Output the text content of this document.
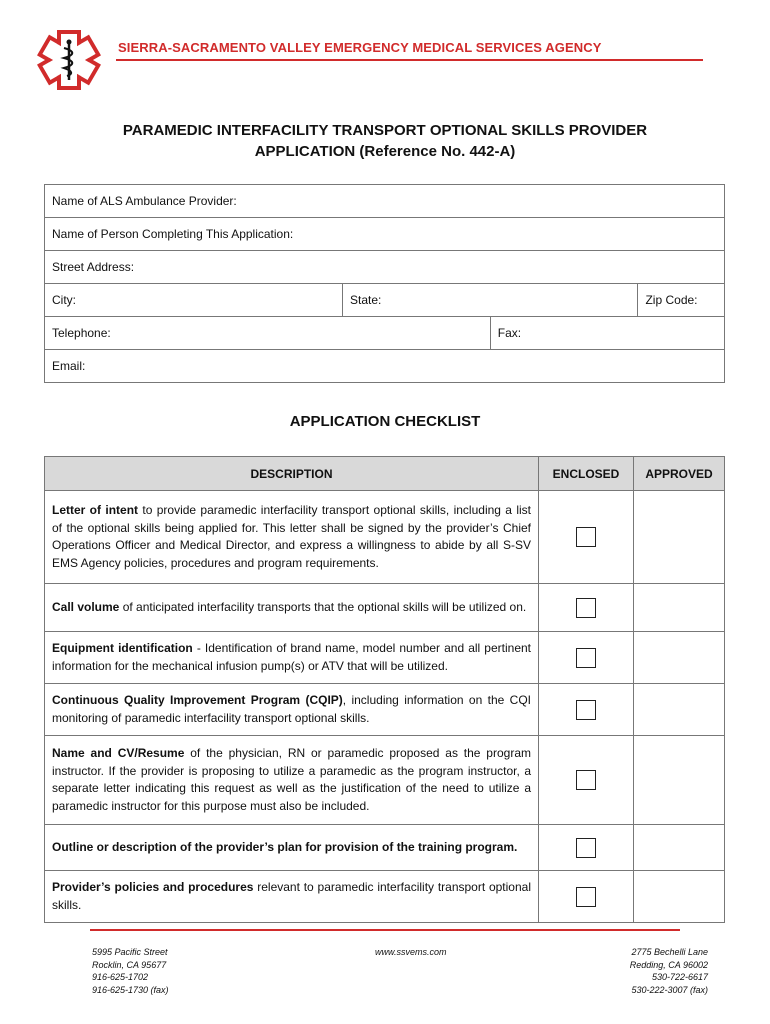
SIERRA-SACRAMENTO VALLEY EMERGENCY MEDICAL SERVICES AGENCY
PARAMEDIC INTERFACILITY TRANSPORT OPTIONAL SKILLS PROVIDER
APPLICATION (Reference No. 442-A)
Name of ALS Ambulance Provider:			
Name of Person Completing This Application:			
Street Address:			
City:	State:		Zip Code:
Telephone:		Fax:	
Email:			
APPLICATION CHECKLIST
DESCRIPTION	ENCLOSED	APPROVED
Letter of intent to provide paramedic interfacility transport optional skills, including a list of the optional skills being applied for. This letter shall be signed by the provider’s Chief Operations Officer and Medical Director, and express a willingness to abide by all S-SV EMS Agency policies, procedures and program requirements.		
Call volume of anticipated interfacility transports that the optional skills will be utilized on.		
Equipment identification - Identification of brand name, model number and all pertinent information for the mechanical infusion pump(s) or ATV that will be utilized.		
Continuous Quality Improvement Program (CQIP), including information on the CQI monitoring of paramedic interfacility transport optional skills.		
Name and CV/Resume of the physician, RN or paramedic proposed as the program instructor. If the provider is proposing to utilize a paramedic as the program instructor, a separate letter indicating this request as well as the justification of the need to utilize a paramedic instructor for this purpose must also be included.		
Outline or description of the provider’s plan for provision of the training program.		
Provider’s policies and procedures relevant to paramedic interfacility transport optional skills.		
5995 Pacific Street
Rocklin, CA 95677
916-625-1702
916-625-1730 (fax)
www.ssvems.com	2775 Bechelli Lane
Redding, CA 96002
530-722-6617
530-222-3007 (fax)
